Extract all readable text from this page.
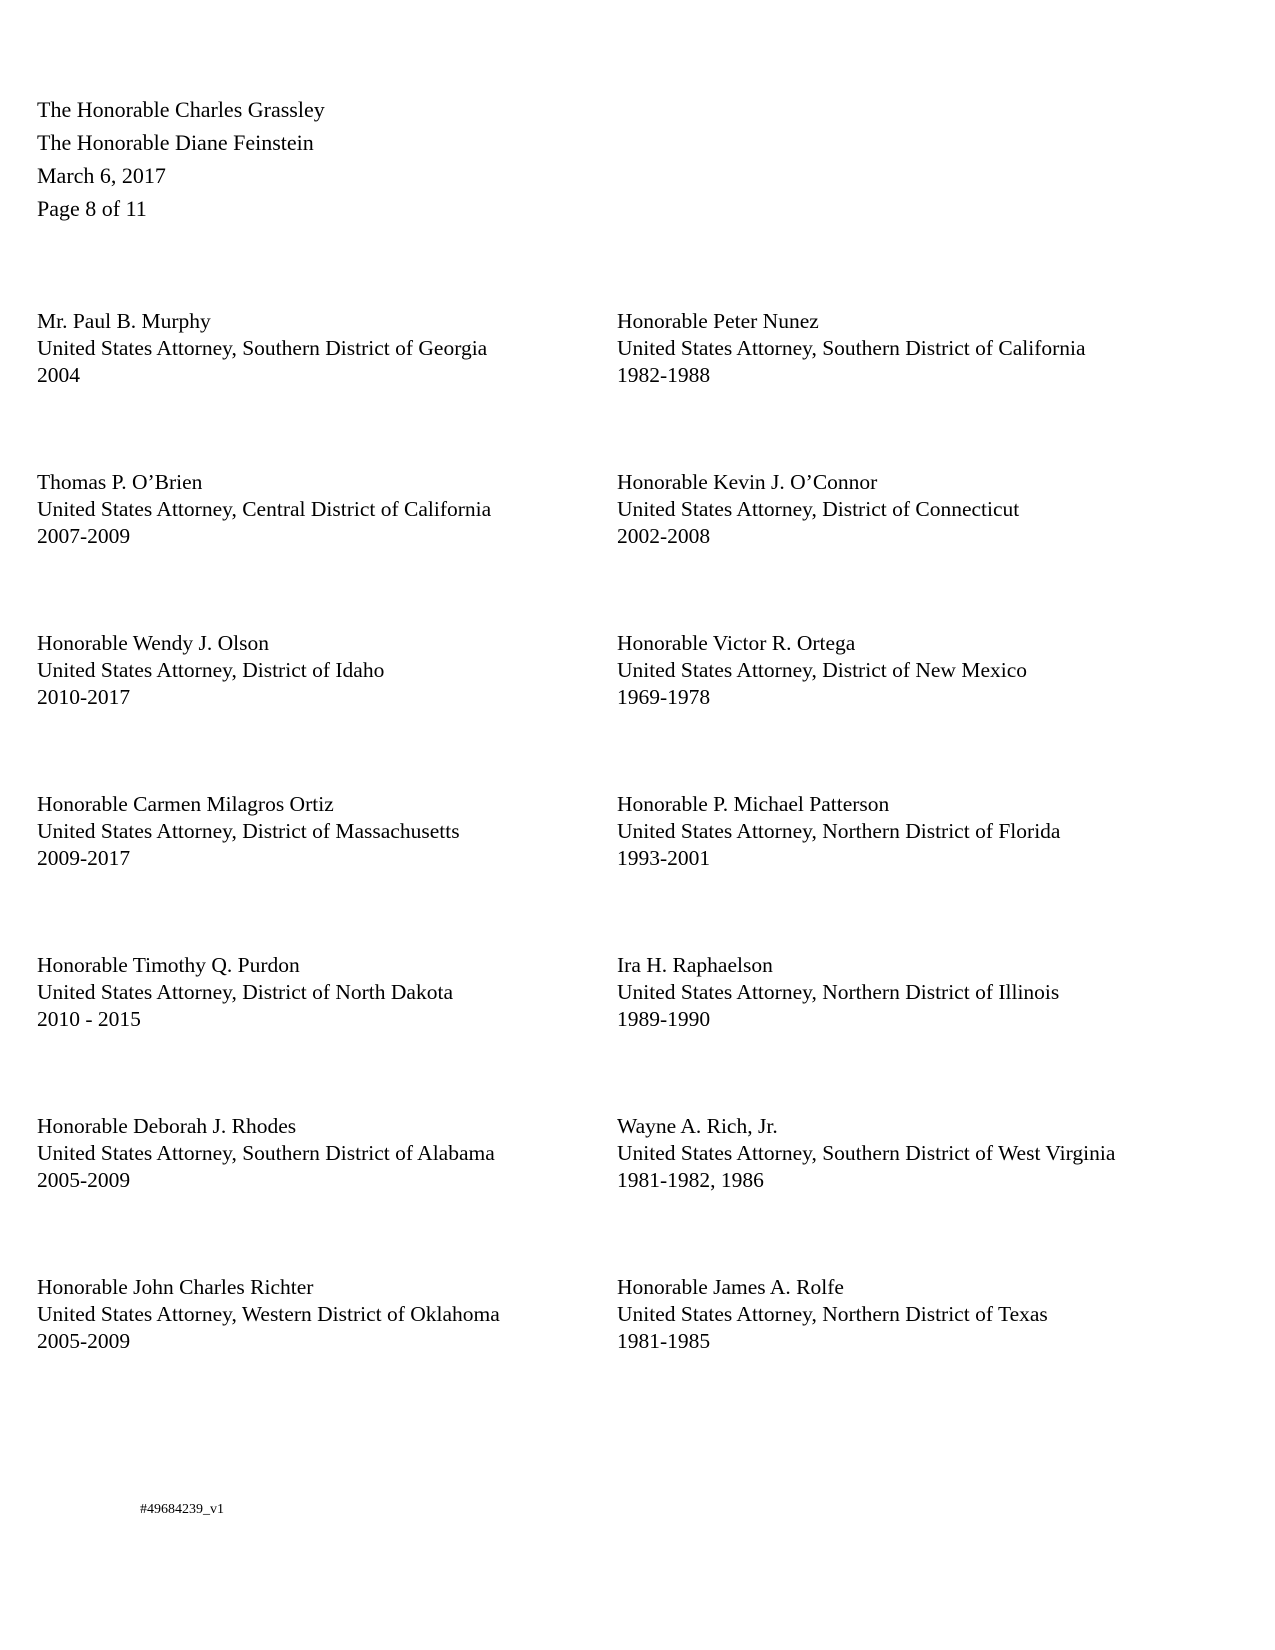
The Honorable Charles Grassley

The Honorable Diane Feinstein

March 6, 2017

Page 8 of 11

Mr. Paul B. Murphy

United States Attorney, Southern District of Georgia

2004

Thomas P. O’Brien

United States Attorney, Central District of California

2007-2009

Honorable Wendy J. Olson

United States Attorney, District of Idaho

2010-2017

Honorable Carmen Milagros Ortiz

United States Attorney, District of Massachusetts

2009-2017

Honorable Timothy Q. Purdon

United States Attorney, District of North Dakota

2010 - 2015

Honorable Deborah J. Rhodes

United States Attorney, Southern District of Alabama

2005-2009

Honorable John Charles Richter

United States Attorney, Western District of Oklahoma

2005-2009

Honorable Peter Nunez

United States Attorney, Southern District of California

1982-1988

Honorable Kevin J. O’Connor

United States Attorney, District of Connecticut

2002-2008

Honorable Victor R. Ortega

United States Attorney, District of New Mexico

1969-1978

Honorable P. Michael Patterson

United States Attorney, Northern District of Florida

1993-2001

Ira H. Raphaelson

United States Attorney, Northern District of Illinois

1989-1990

Wayne A. Rich, Jr.

United States Attorney, Southern District of West Virginia

1981-1982, 1986

Honorable James A. Rolfe

United States Attorney, Northern District of Texas

1981-1985

#49684239_v1
